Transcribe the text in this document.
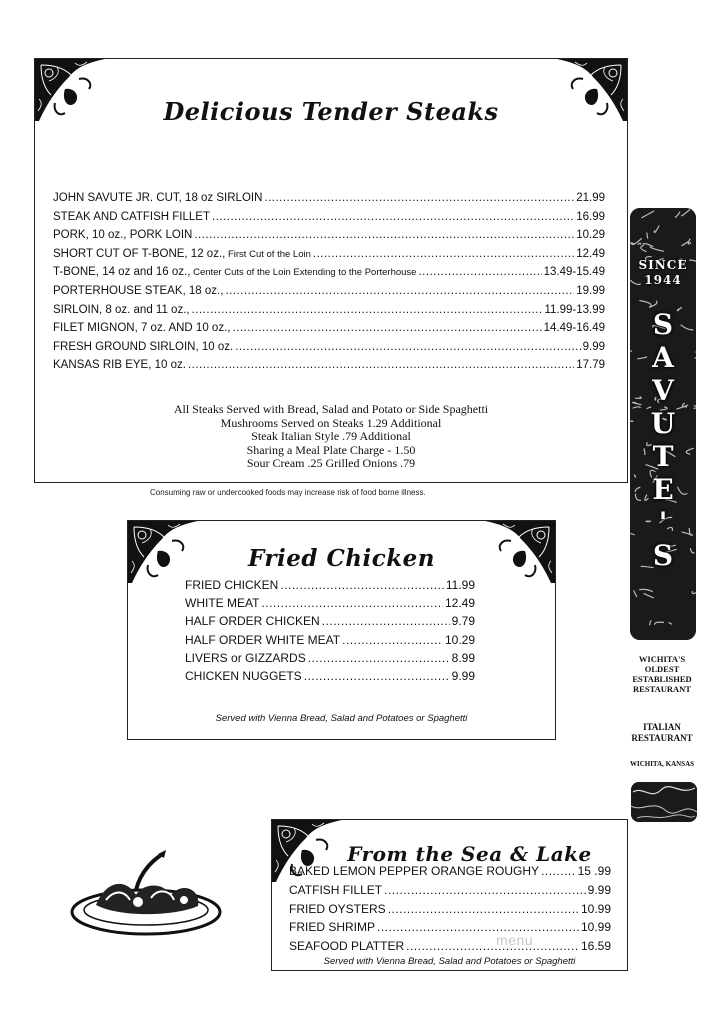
Delicious Tender Steaks
JOHN SAVUTE JR. CUT, 18 oz SIRLOIN .....	21.99
STEAK AND CATFISH FILLET .....	16.99
PORK, 10 oz., PORK LOIN .....	10.29
SHORT CUT OF T-BONE, 12 oz., First Cut of the Loin .....	12.49
T-BONE, 14 oz and 16 oz., Center Cuts of the Loin Extending to the Porterhouse .....	13.49-15.49
PORTERHOUSE STEAK, 18 oz., .....	19.99
SIRLOIN, 8 oz. and 11 oz., .....	11.99-13.99
FILET MIGNON, 7 oz. AND 10 oz., .....	14.49-16.49
FRESH GROUND SIRLOIN, 10 oz. .....	9.99
KANSAS RIB EYE, 10 oz. .....	17.79
All Steaks Served with Bread, Salad and Potato or Side Spaghetti
Mushrooms Served on Steaks 1.29 Additional
Steak Italian Style .79 Additional
Sharing a Meal Plate Charge - 1.50
Sour Cream .25 Grilled Onions .79
Consuming raw or undercooked foods may increase risk of food borne illness.
Fried Chicken
FRIED CHICKEN .....	11.99
WHITE MEAT .....	12.49
HALF ORDER CHICKEN .....	9.79
HALF ORDER WHITE MEAT .....	10.29
LIVERS or GIZZARDS .....	8.99
CHICKEN NUGGETS .....	9.99
Served with Vienna Bread, Salad and Potatoes or Spaghetti
From the Sea & Lake
BAKED LEMON PEPPER ORANGE ROUGHY .....	15 .99
CATFISH FILLET .....	9.99
FRIED OYSTERS .....	10.99
FRIED SHRIMP .....	10.99
SEAFOOD PLATTER .....	16.59
Served with Vienna Bread, Salad and Potatoes or Spaghetti
menu
SINCE
1944
S
A
V
U
T
E
'
S
WICHITA'S
OLDEST
ESTABLISHED
RESTAURANT
ITALIAN
RESTAURANT
WICHITA, KANSAS
